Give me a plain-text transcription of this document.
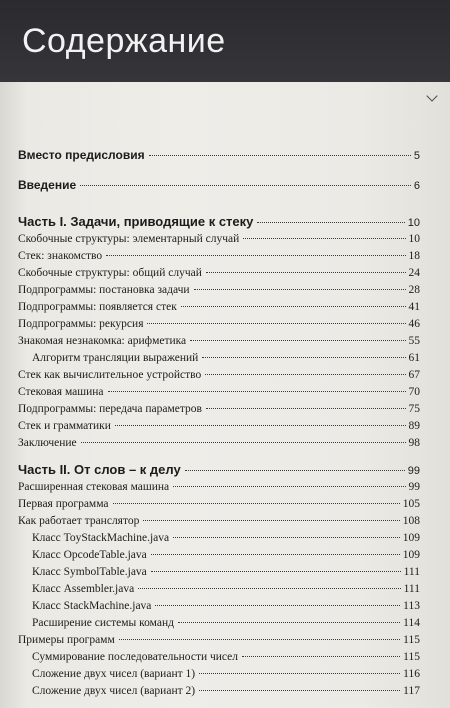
Содержание
Вместо предисловия	5
Введение	6
Часть I. Задачи, приводящие к стеку	10
Скобочные структуры: элементарный случай	10
Стек: знакомство	18
Скобочные структуры: общий случай	24
Подпрограммы: постановка задачи	28
Подпрограммы: появляется стек	41
Подпрограммы: рекурсия	46
Знакомая незнакомка: арифметика	55
Алгоритм трансляции выражений	61
Стек как вычислительное устройство	67
Стековая машина	70
Подпрограммы: передача параметров	75
Стек и грамматики	89
Заключение	98
Часть II. От слов – к делу	99
Расширенная стековая машина	99
Первая программа	105
Как работает транслятор	108
Класс ToyStackMachine.java	109
Класс OpcodeTable.java	109
Класс SymbolTable.java	111
Класс Assembler.java	111
Класс StackMachine.java	113
Расширение системы команд	114
Примеры программ	115
Суммирование последовательности чисел	115
Сложение двух чисел (вариант 1)	116
Сложение двух чисел (вариант 2)	117
